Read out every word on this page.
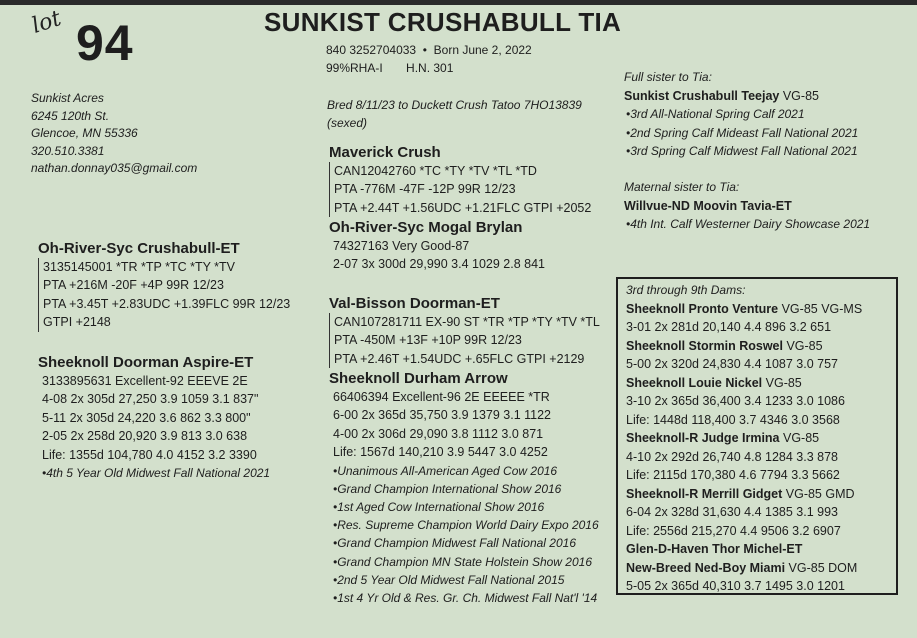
lot 94	SUNKIST CRUSHABULL TIA
840 3252704033 • Born June 2, 2022
99%RHA-I H.N. 301
Sunkist Acres
6245 120th St.
Glencoe, MN 55336
320.510.3381
nathan.donnay035@gmail.com
Bred 8/11/23 to Duckett Crush Tatoo 7HO13839
(sexed)
Oh-River-Syc Crushabull-ET
3135145001 *TR *TP *TC *TY *TV
PTA +216M -20F +4P 99R 12/23
PTA +3.45T +2.83UDC +1.39FLC 99R 12/23
GTPI +2148
Sheeknoll Doorman Aspire-ET
3133895631 Excellent-92 EEEVE 2E
4-08 2x 305d 27,250 3.9 1059 3.1 837"
5-11 2x 305d 24,220 3.6 862 3.3 800"
2-05 2x 258d 20,920 3.9 813 3.0 638
Life: 1355d 104,780 4.0 4152 3.2 3390
•4th 5 Year Old Midwest Fall National 2021
Maverick Crush
CAN12042760 *TC *TY *TV *TL *TD
PTA -776M -47F -12P 99R 12/23
PTA +2.44T +1.56UDC +1.21FLC GTPI +2052
Oh-River-Syc Mogal Brylan
74327163 Very Good-87
2-07 3x 300d 29,990 3.4 1029 2.8 841
Val-Bisson Doorman-ET
CAN107281711 EX-90 ST *TR *TP *TY *TV *TL
PTA -450M +13F +10P 99R 12/23
PTA +2.46T +1.54UDC +.65FLC GTPI +2129
Sheeknoll Durham Arrow
66406394 Excellent-96 2E EEEEE *TR
6-00 2x 365d 35,750 3.9 1379 3.1 1122
4-00 2x 306d 29,090 3.8 1112 3.0 871
Life: 1567d 140,210 3.9 5447 3.0 4252
•Unanimous All-American Aged Cow 2016
•Grand Champion International Show 2016
•1st Aged Cow International Show 2016
•Res. Supreme Champion World Dairy Expo 2016
•Grand Champion Midwest Fall National 2016
•Grand Champion MN State Holstein Show 2016
•2nd 5 Year Old Midwest Fall National 2015
•1st 4 Yr Old & Res. Gr. Ch. Midwest Fall Nat'l '14
Full sister to Tia:
Sunkist Crushabull Teejay VG-85
•3rd All-National Spring Calf 2021
•2nd Spring Calf Mideast Fall National 2021
•3rd Spring Calf Midwest Fall National 2021
Maternal sister to Tia:
Willvue-ND Moovin Tavia-ET
•4th Int. Calf Westerner Dairy Showcase 2021
3rd through 9th Dams:
Sheeknoll Pronto Venture VG-85 VG-MS
3-01 2x 281d 20,140 4.4 896 3.2 651
Sheeknoll Stormin Roswel VG-85
5-00 2x 320d 24,830 4.4 1087 3.0 757
Sheeknoll Louie Nickel VG-85
3-10 2x 365d 36,400 3.4 1233 3.0 1086
Life: 1448d 118,400 3.7 4346 3.0 3568
Sheeknoll-R Judge Irmina VG-85
4-10 2x 292d 26,740 4.8 1284 3.3 878
Life: 2115d 170,380 4.6 7794 3.3 5662
Sheeknoll-R Merrill Gidget VG-85 GMD
6-04 2x 328d 31,630 4.4 1385 3.1 993
Life: 2556d 215,270 4.4 9506 3.2 6907
Glen-D-Haven Thor Michel-ET
New-Breed Ned-Boy Miami VG-85 DOM
5-05 2x 365d 40,310 3.7 1495 3.0 1201
